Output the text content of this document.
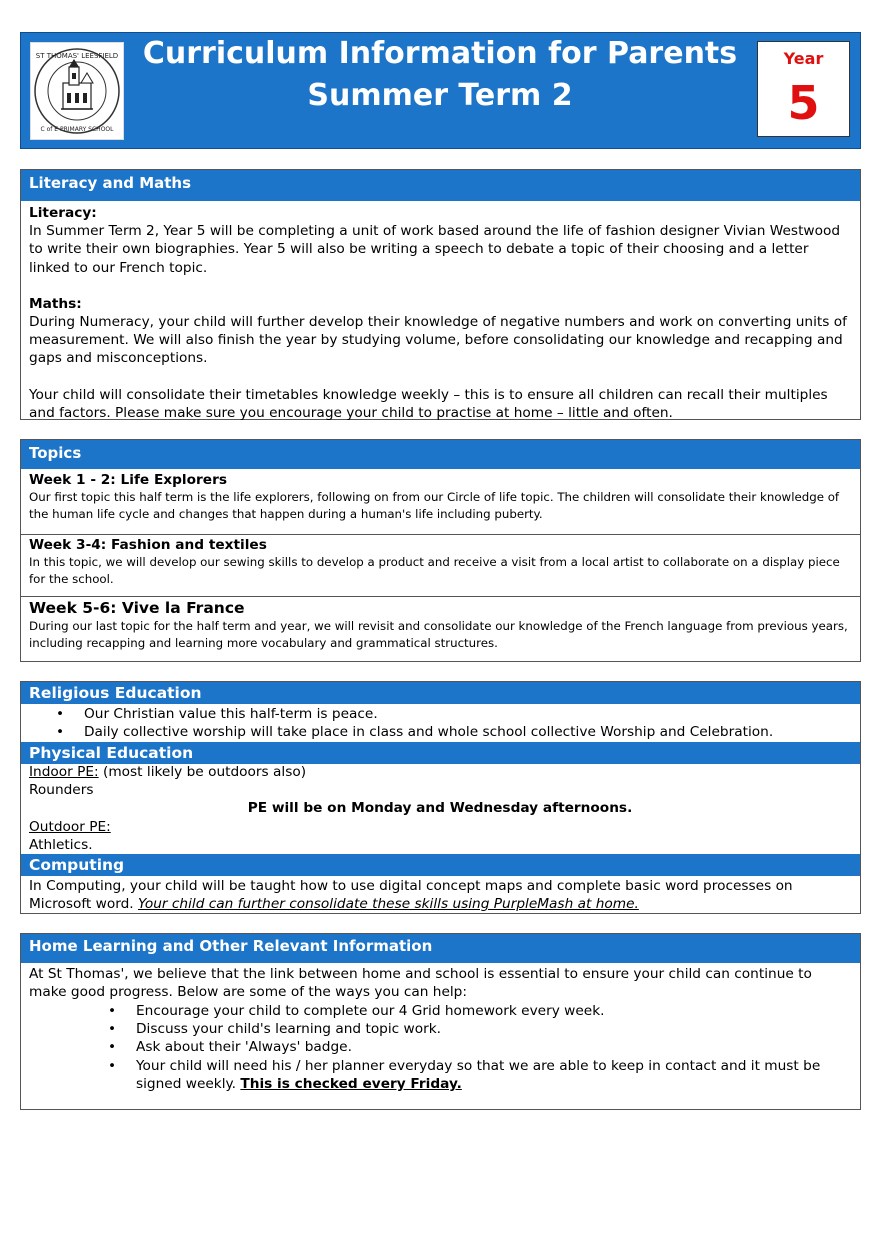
ST THOMAS' LEESFIELD
C of E PRIMARY SCHOOL
Curriculum Information for Parents
Summer Term 2
Year
5
Literacy and Maths
Literacy:
In Summer Term 2, Year 5 will be completing a unit of work based around the life of fashion designer Vivian Westwood to write their own biographies. Year 5 will also be writing a speech to debate a topic of their choosing and a letter linked to our French topic.
Maths:
During Numeracy, your child will further develop their knowledge of negative numbers and work on converting units of measurement. We will also finish the year by studying volume, before consolidating our knowledge and recapping and gaps and misconceptions.
Your child will consolidate their timetables knowledge weekly – this is to ensure all children can recall their multiples and factors. Please make sure you encourage your child to practise at home – little and often.
Topics
Week 1 - 2: Life Explorers
Our first topic this half term is the life explorers, following on from our Circle of life topic. The children will consolidate their knowledge of the human life cycle and changes that happen during a human's life including puberty.
Week 3-4: Fashion and textiles
In this topic, we will develop our sewing skills to develop a product and receive a visit from a local artist to collaborate on a display piece for the school.
Week 5-6: Vive la France
During our last topic for the half term and year, we will revisit and consolidate our knowledge of the French language from previous years, including recapping and learning more vocabulary and grammatical structures.
Religious Education
• Our Christian value this half-term is peace.
• Daily collective worship will take place in class and whole school collective Worship and Celebration.
Physical Education
Indoor PE: (most likely be outdoors also)
Rounders
PE will be on Monday and Wednesday afternoons.
Outdoor PE:
Athletics.
Computing
In Computing, your child will be taught how to use digital concept maps and complete basic word processes on Microsoft word. Your child can further consolidate these skills using PurpleMash at home.
Home Learning and Other Relevant Information
At St Thomas', we believe that the link between home and school is essential to ensure your child can continue to make good progress. Below are some of the ways you can help:
• Encourage your child to complete our 4 Grid homework every week.
• Discuss your child's learning and topic work.
• Ask about their 'Always' badge.
• Your child will need his / her planner everyday so that we are able to keep in contact and it must be signed weekly. This is checked every Friday.
